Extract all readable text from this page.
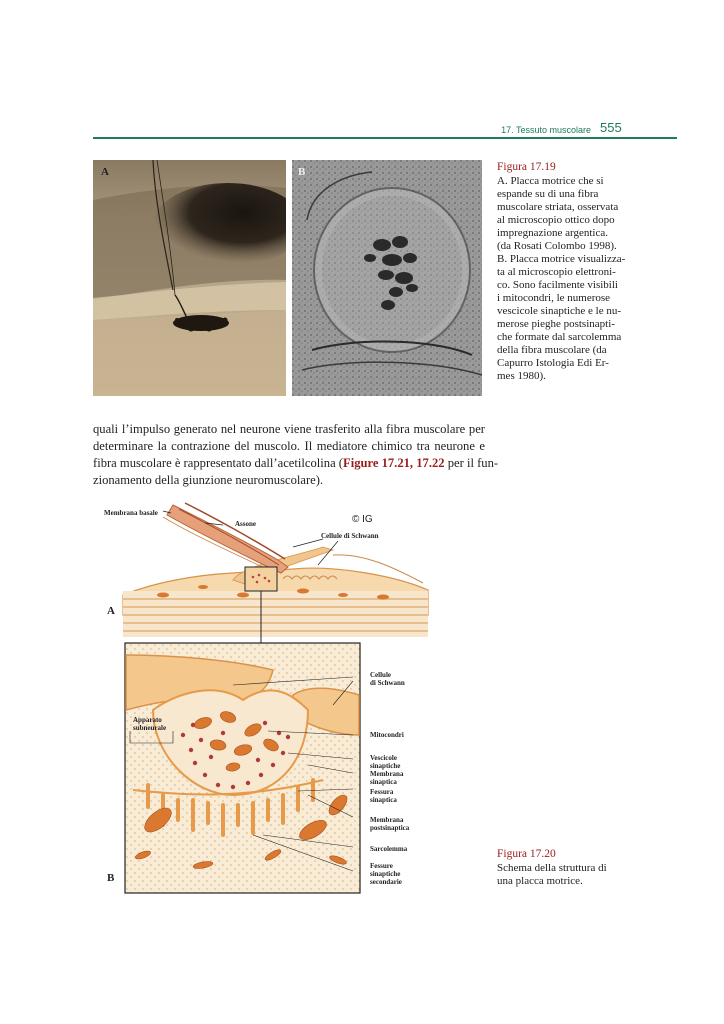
17. Tessuto muscolare 555
A	B	Figura 17.19
A. Placca motrice che si
espande su di una fibra
muscolare striata, osservata
al microscopio ottico dopo
impregnazione argentica.
(da Rosati Colombo 1998).
B. Placca motrice visualizza-
ta al microscopio elettroni-
co. Sono facilmente visibili
i mitocondri, le numerose
vescicole sinaptiche e le nu-
merose pieghe postsinapti-
che formate dal sarcolemma
della fibra muscolare (da
Capurro Istologia Edi Er-
mes 1980).
quali l’impulso generato nel neurone viene trasferito alla fibra muscolare per
determinare la contrazione del muscolo. Il mediatore chimico tra neurone e
fibra muscolare è rappresentato dall’acetilcolina (Figure 17.21, 17.22 per il fun-
zionamento della giunzione neuromuscolare).
Membrana basale
Assone	© IG
Cellule di Schwann
A
Apparato
subneurale
Cellule
di Schwann
Mitocondri
Vescicole
sinaptiche
Membrana
sinaptica
Fessura
sinaptica
Membrana
postsinaptica
Sarcolemma
Fessure
sinaptiche
secondarie
B
Figura 17.20
Schema della struttura di
una placca motrice.
